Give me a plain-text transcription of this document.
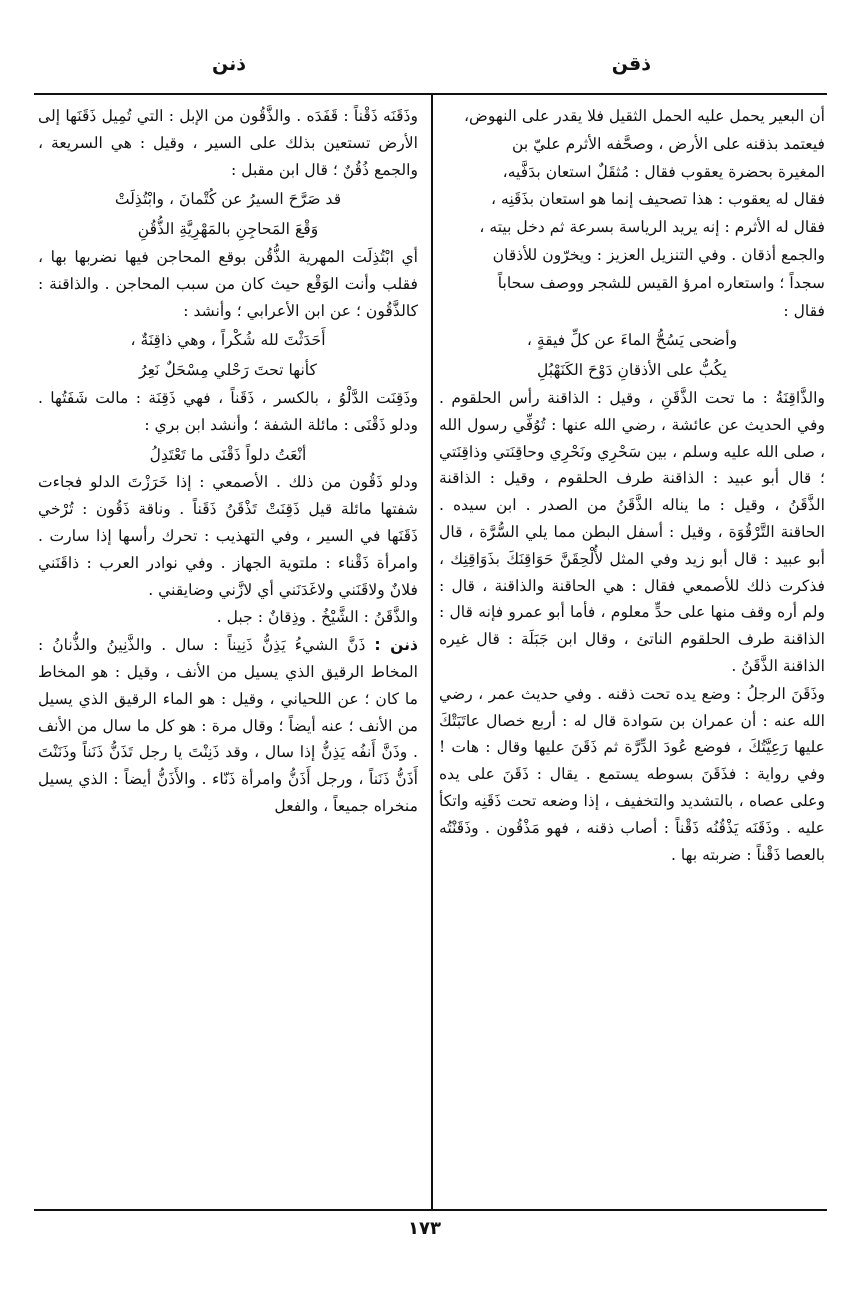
ذقن
ذنن

أن البعير يحمل عليه الحمل الثقيل فلا يقدر على النهوض،

فيعتمد بذقنه على الأرض ، وصحَّفه الأثرم عليّ بن

المغيرة بحضرة يعقوب فقال : مُثقَلٌ استعان بدَفَّيه،

فقال له يعقوب : هذا تصحيف إنما هو استعان بذَقَنِه ،

فقال له الأثرم : إنه يريد الرياسة بسرعة ثم دخل بيته ،

والجمع أذقان . وفي التنزيل العزيز : ويخرّون للأذقان

سجداً ؛ واستعاره امرؤ القيس للشجر ووصف سحاباً

فقال :

وأضحى يَسُحُّ الماءَ عن كلِّ فيقةٍ ،

يكُبُّ على الأذقانِ دَوْحَ الكَنَهْبُلِ

والذَّاقِنَةُ : ما تحت الذَّقَنِ ، وقيل : الذاقنة رأس الحلقوم . وفي الحديث عن عائشة ، رضي الله عنها : تُوُفِّي رسول الله ، صلى الله عليه وسلم ، بين سَحْرِي ونَحْرِي وحاقِنَتي وذاقِنَتي ؛ قال أبو عبيد : الذاقنة طرف الحلقوم ، وقيل : الذاقنة الذَّقَنُ ، وقيل : ما يناله الذَّقَنُ من الصدر . ابن سيده . الحاقنة التَّرْقُوَة ، وقيل : أسفل البطن مما يلي السُّرَّة ، قال أبو عبيد : قال أبو زيد وفي المثل لأُلْحِقَنَّ حَوَاقِنَكَ بذَوَاقِنِك ، فذكرت ذلك للأصمعي فقال : هي الحاقنة والذاقنة ، قال : ولم أره وقف منها على حدٍّ معلوم ، فأما أبو عمرو فإنه قال : الذاقنة طرف الحلقوم الناتئ ، وقال ابن جَبَلَة : قال غيره الذاقنة الذَّقَنُ .

وذَقَنَ الرجلُ : وضع يده تحت ذقنه . وفي حديث عمر ، رضي الله عنه : أن عمران بن سَوادة قال له : أربع خصال عاتَبَتْكَ عليها رَعِيَّتُكَ ، فوضع عُودَ الدِّرَّة ثم ذَقَنَ عليها وقال : هات ! وفي رواية : فذَقَنَ بسوطه يستمع . يقال : ذَقَنَ على يده وعلى عصاه ، بالتشديد والتخفيف ، إذا وضعه تحت ذَقَنِه واتكأ عليه . وذَقَنَه يَذْقُنُه ذَقْناً : أصاب ذقنه ، فهو مَذْقُون . وذَقَنْتُه بالعصا ذَقْناً : ضربته بها .

وذَقَنَه ذَقْناً : قَفَدَه . والذَّقُون من الإبل : التي تُمِيل ذَقَنَها إلى الأرض تستعين بذلك على السير ، وقيل : هي السريعة ، والجمع ذُقُنٌ ؛ قال ابن مقبل :

قد صَرَّحَ السيرُ عن كُتْمانَ ، وابْتُذِلَتْ

وَقْعَ المَحاجِنِ بالمَهْرِيَّةِ الذُّقُنِ

أي ابْتُذِلَت المهرية الذُّقُن بوقع المحاجن فيها نضربها بها ، فقلب وأنت الوَقْع حيث كان من سبب المحاجن . والذاقنة : كالذَّقُون ؛ عن ابن الأعرابي ؛ وأنشد :

أَحَدَثْتَ لله شُكْراً ، وهي ذاقِنَةٌ ،

كأنها تحتَ رَحْلي مِسْحَلٌ نَعِرُ

وذَقِنَت الدَّلْوُ ، بالكسر ، ذَقَناً ، فهي ذَقِنَة : مالت شَفَتُها . ودلو ذَقْنَى : مائلة الشفة ؛ وأنشد ابن بري :

أنْعَتُ دلواً ذَقْنَى ما تَعْتَدِلُ

ودلو ذَقُون من ذلك . الأصمعي : إذا خَرَزْتَ الدلو فجاءت شفتها مائلة قيل ذَقِنَتْ تَذْقَنُ ذَقَناً . وناقة ذَقُون : تُرْخي ذَقَنَها في السير ، وفي التهذيب : تحرك رأسها إذا سارت . وامرأة ذَقْناء : ملتوية الجهاز . وفي نوادر العرب : ذاقَنَني فلانٌ ولاقَنَني ولاغَدَنَني أي لازَّني وضايقني .

والذَّقَنُ : الشَّيْخُ . وذِقانٌ : جبل .

ذنن : ذَنَّ الشيءُ يَذِنُّ ذَنِيناً : سال . والذَّنِينُ والذُّنانُ : المخاط الرقيق الذي يسيل من الأنف ، وقيل : هو المخاط ما كان ؛ عن اللحياني ، وقيل : هو الماء الرقيق الذي يسيل من الأنف ؛ عنه أيضاً ؛ وقال مرة : هو كل ما سال من الأنف . وذَنَّ أَنفُه يَذِنُّ إذا سال ، وقد ذَنِنْتَ يا رجل تَذَنُّ ذَنَناً وذَنَنْتَ أَذَنُّ ذَنَناً ، ورجل أَذَنُّ وامرأة ذَنّاء . والأَذَنُّ أيضاً : الذي يسيل منخراه جميعاً ، والفعل

١٧٣
